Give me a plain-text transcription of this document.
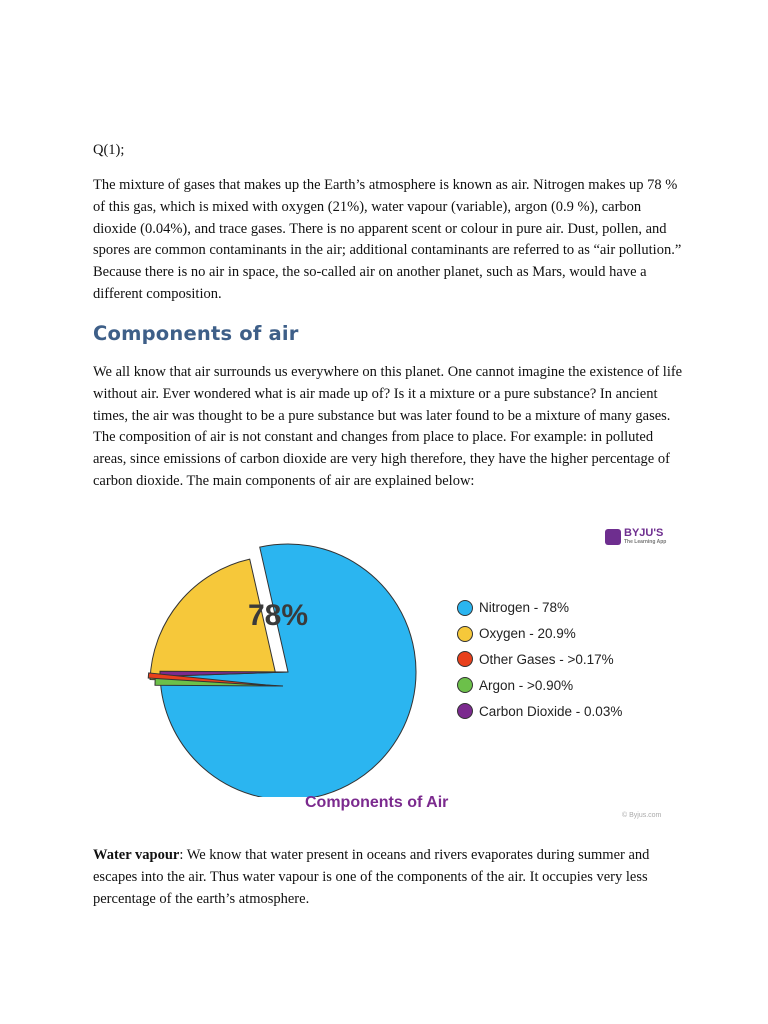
Q(1);

The mixture of gases that makes up the Earth’s atmosphere is known as air. Nitrogen makes up 78 % of this gas, which is mixed with oxygen (21%), water vapour (variable), argon (0.9 %), carbon dioxide (0.04%), and trace gases. There is no apparent scent or colour in pure air. Dust, pollen, and spores are common contaminants in the air; additional contaminants are referred to as “air pollution.” Because there is no air in space, the so-called air on another planet, such as Mars, would have a different composition.

Components of air

We all know that air surrounds us everywhere on this planet. One cannot imagine the existence of life without air. Ever wondered what is air made up of? Is it a mixture or a pure substance? In ancient times, the air was thought to be a pure substance but was later found to be a mixture of many gases. The composition of air is not constant and changes from place to place. For example: in polluted areas, since emissions of carbon dioxide are very high therefore, they have the higher percentage of carbon dioxide. The main components of air are explained below:

78%	Nitrogen - 78%
Oxygen - 20.9%
Other Gases - >0.17%
Argon - >0.90%
Carbon Dioxide - 0.03%
Components of Air
BYJU'S
The Learning App
© Byjus.com

Water vapour: We know that water present in oceans and rivers evaporates during summer and escapes into the air. Thus water vapour is one of the components of the air. It occupies very less percentage of the earth’s atmosphere.
